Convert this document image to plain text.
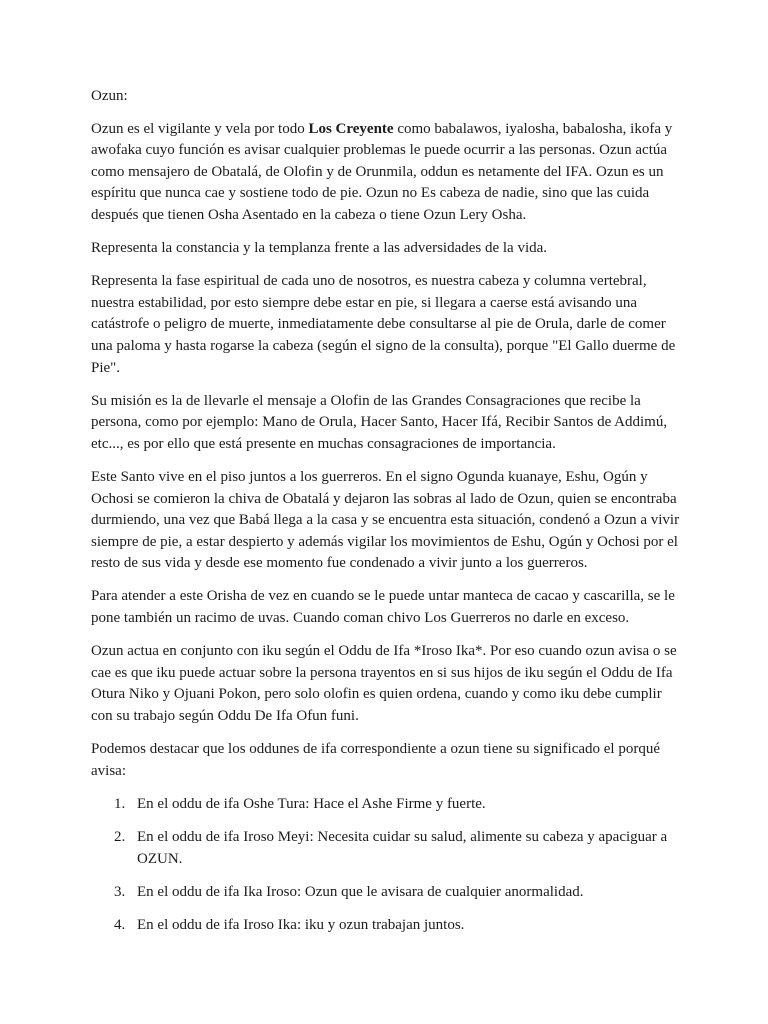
Ozun:

Ozun es el vigilante y vela por todo Los Creyente como babalawos, iyalosha, babalosha, ikofa y awofaka cuyo función es avisar cualquier problemas le puede ocurrir a las personas. Ozun actúa como mensajero de Obatalá, de Olofin y de Orunmila, oddun es netamente del IFA. Ozun es un espíritu que nunca cae y sostiene todo de pie. Ozun no Es cabeza de nadie, sino que las cuida después que tienen Osha Asentado en la cabeza o tiene Ozun Lery Osha.

Representa la constancia y la templanza frente a las adversidades de la vida.

Representa la fase espiritual de cada uno de nosotros, es nuestra cabeza y columna vertebral, nuestra estabilidad, por esto siempre debe estar en pie, si llegara a caerse está avisando una catástrofe o peligro de muerte, inmediatamente debe consultarse al pie de Orula, darle de comer una paloma y hasta rogarse la cabeza (según el signo de la consulta), porque "El Gallo duerme de Pie".

Su misión es la de llevarle el mensaje a Olofin de las Grandes Consagraciones que recibe la persona, como por ejemplo: Mano de Orula, Hacer Santo, Hacer Ifá, Recibir Santos de Addimú, etc..., es por ello que está presente en muchas consagraciones de importancia.

Este Santo vive en el piso juntos a los guerreros. En el signo Ogunda kuanaye, Eshu, Ogún y Ochosi se comieron la chiva de Obatalá y dejaron las sobras al lado de Ozun, quien se encontraba durmiendo, una vez que Babá llega a la casa y se encuentra esta situación, condenó a Ozun a vivir siempre de pie, a estar despierto y además vigilar los movimientos de Eshu, Ogún y Ochosi por el resto de sus vida y desde ese momento fue condenado a vivir junto a los guerreros.

Para atender a este Orisha de vez en cuando se le puede untar manteca de cacao y cascarilla, se le pone también un racimo de uvas. Cuando coman chivo Los Guerreros no darle en exceso.

Ozun actua en conjunto con iku según el Oddu de Ifa *Iroso Ika*. Por eso cuando ozun avisa o se cae es que iku puede actuar sobre la persona trayentos en si sus hijos de iku según el Oddu de Ifa Otura Niko y Ojuani Pokon, pero solo olofin es quien ordena, cuando y como iku debe cumplir con su trabajo según Oddu De Ifa Ofun funi.

Podemos destacar que los oddunes de ifa correspondiente a ozun tiene su significado el porqué avisa:

1. En el oddu de ifa Oshe Tura: Hace el Ashe Firme y fuerte.
2. En el oddu de ifa Iroso Meyi: Necesita cuidar su salud, alimente su cabeza y apaciguar a OZUN.
3. En el oddu de ifa Ika Iroso: Ozun que le avisara de cualquier anormalidad.
4. En el oddu de ifa Iroso Ika: iku y ozun trabajan juntos.
